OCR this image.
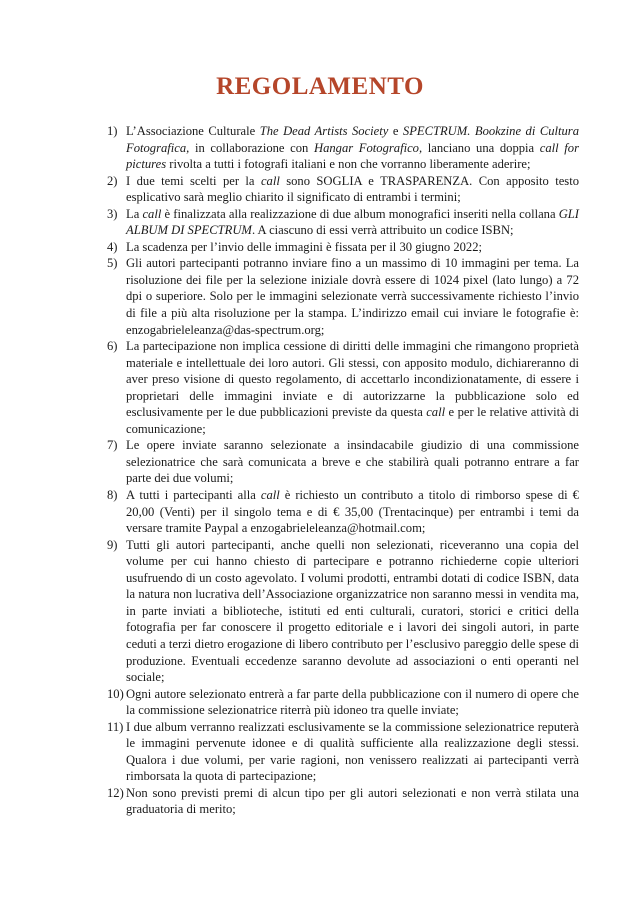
REGOLAMENTO
1) L’Associazione Culturale The Dead Artists Society e SPECTRUM. Bookzine di Cultura Fotografica, in collaborazione con Hangar Fotografico, lanciano una doppia call for pictures rivolta a tutti i fotografi italiani e non che vorranno liberamente aderire;
2) I due temi scelti per la call sono SOGLIA e TRASPARENZA. Con apposito testo esplicativo sarà meglio chiarito il significato di entrambi i termini;
3) La call è finalizzata alla realizzazione di due album monografici inseriti nella collana GLI ALBUM DI SPECTRUM. A ciascuno di essi verrà attribuito un codice ISBN;
4) La scadenza per l’invio delle immagini è fissata per il 30 giugno 2022;
5) Gli autori partecipanti potranno inviare fino a un massimo di 10 immagini per tema. La risoluzione dei file per la selezione iniziale dovrà essere di 1024 pixel (lato lungo) a 72 dpi o superiore. Solo per le immagini selezionate verrà successivamente richiesto l’invio di file a più alta risoluzione per la stampa. L’indirizzo email cui inviare le fotografie è: enzogabrieleleanza@das-spectrum.org;
6) La partecipazione non implica cessione di diritti delle immagini che rimangono proprietà materiale e intellettuale dei loro autori. Gli stessi, con apposito modulo, dichiareranno di aver preso visione di questo regolamento, di accettarlo incondizionatamente, di essere i proprietari delle immagini inviate e di autorizzarne la pubblicazione solo ed esclusivamente per le due pubblicazioni previste da questa call e per le relative attività di comunicazione;
7) Le opere inviate saranno selezionate a insindacabile giudizio di una commissione selezionatrice che sarà comunicata a breve e che stabilirà quali potranno entrare a far parte dei due volumi;
8) A tutti i partecipanti alla call è richiesto un contributo a titolo di rimborso spese di € 20,00 (Venti) per il singolo tema e di € 35,00 (Trentacinque) per entrambi i temi da versare tramite Paypal a enzogabrieleleanza@hotmail.com;
9) Tutti gli autori partecipanti, anche quelli non selezionati, riceveranno una copia del volume per cui hanno chiesto di partecipare e potranno richiederne copie ulteriori usufruendo di un costo agevolato. I volumi prodotti, entrambi dotati di codice ISBN, data la natura non lucrativa dell’Associazione organizzatrice non saranno messi in vendita ma, in parte inviati a biblioteche, istituti ed enti culturali, curatori, storici e critici della fotografia per far conoscere il progetto editoriale e i lavori dei singoli autori, in parte ceduti a terzi dietro erogazione di libero contributo per l’esclusivo pareggio delle spese di produzione. Eventuali eccedenze saranno devolute ad associazioni o enti operanti nel sociale;
10) Ogni autore selezionato entrerà a far parte della pubblicazione con il numero di opere che la commissione selezionatrice riterrà più idoneo tra quelle inviate;
11) I due album verranno realizzati esclusivamente se la commissione selezionatrice reputerà le immagini pervenute idonee e di qualità sufficiente alla realizzazione degli stessi. Qualora i due volumi, per varie ragioni, non venissero realizzati ai partecipanti verrà rimborsata la quota di partecipazione;
12) Non sono previsti premi di alcun tipo per gli autori selezionati e non verrà stilata una graduatoria di merito;
